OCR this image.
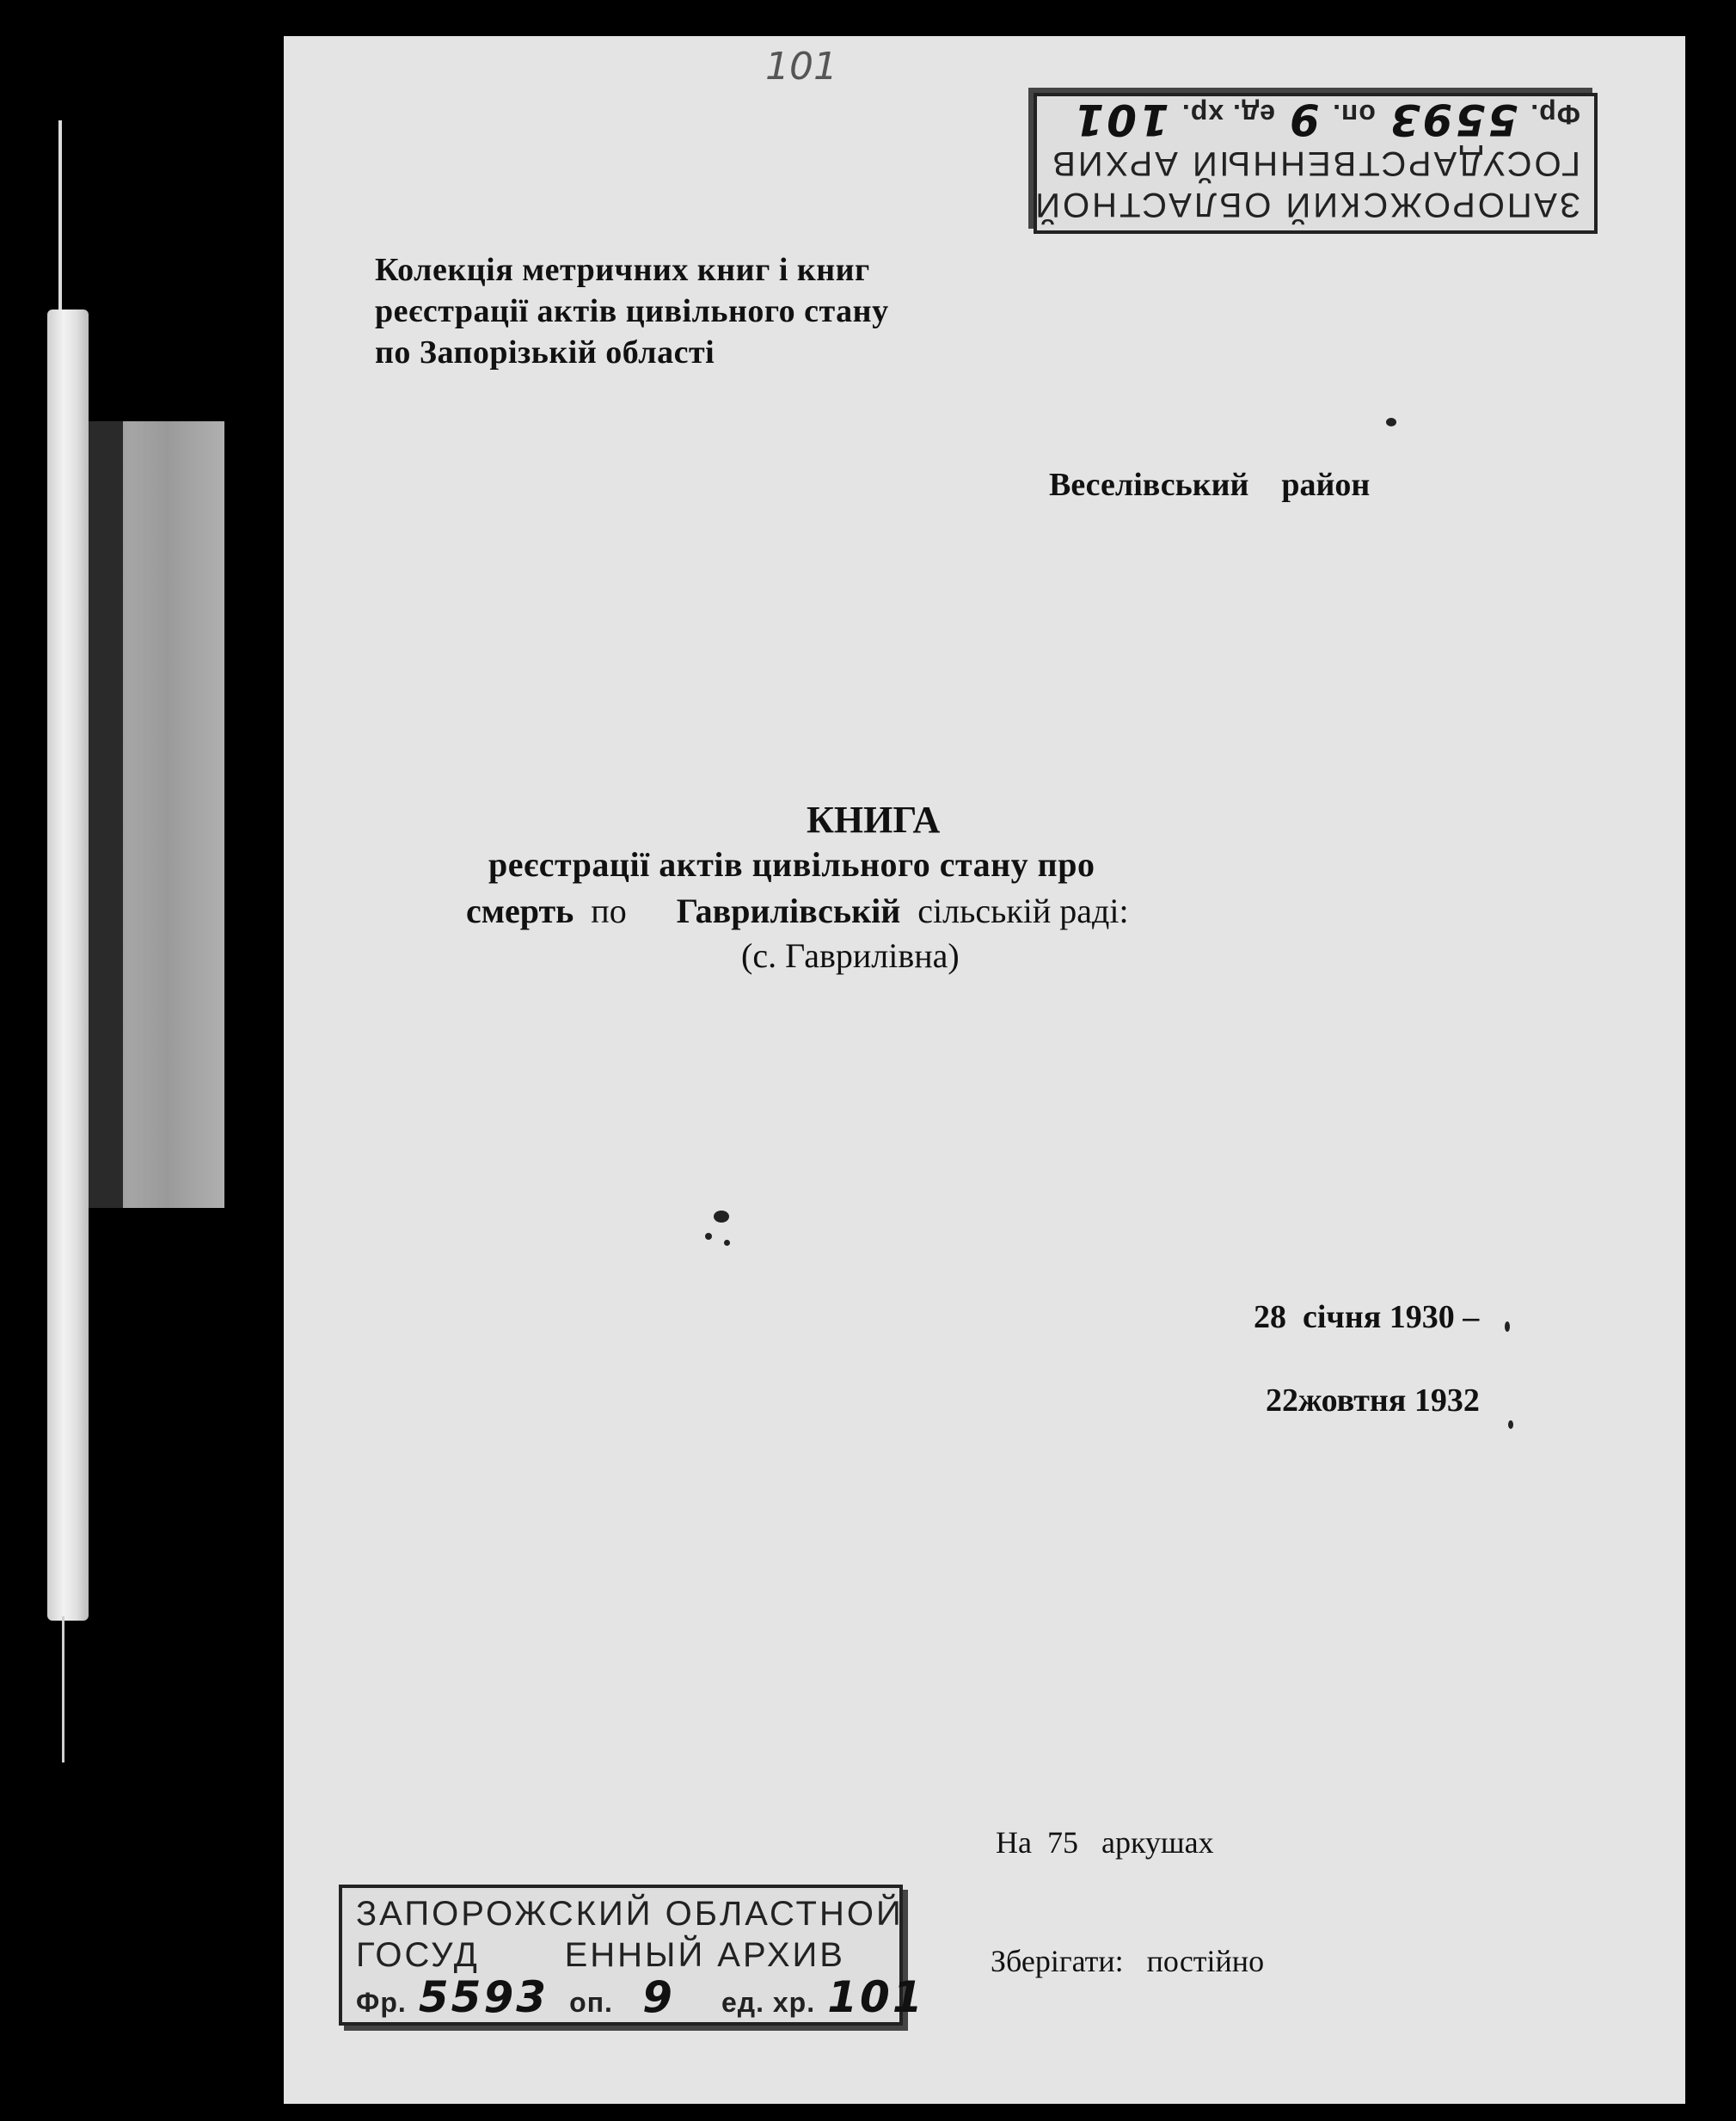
101
ЗАПОРОЖСКИЙ ОБЛАСТНОЙ
ГОСУДАРСТВЕННЫЙ АРХИВ
Фр. 5593 оп. 9 ед. хр. 101
Колекція метричних книг і книг
реєстрації актів цивільного стану
по Запорізькій області
Веселівський    район
КНИГА
реєстрації актів цивільного стану про
смерть по Гаврилівській сільській раді:
(с. Гаврилівна)
28  січня 1930 –
22жовтня 1932
На  75   аркушах
Зберігати:   постійно
ЗАПОРОЖСКИЙ ОБЛАСТНОЙ
ГОСУД       ЕННЫЙ АРХИВ
Фр. 5593 оп. 9 ед. хр. 101
